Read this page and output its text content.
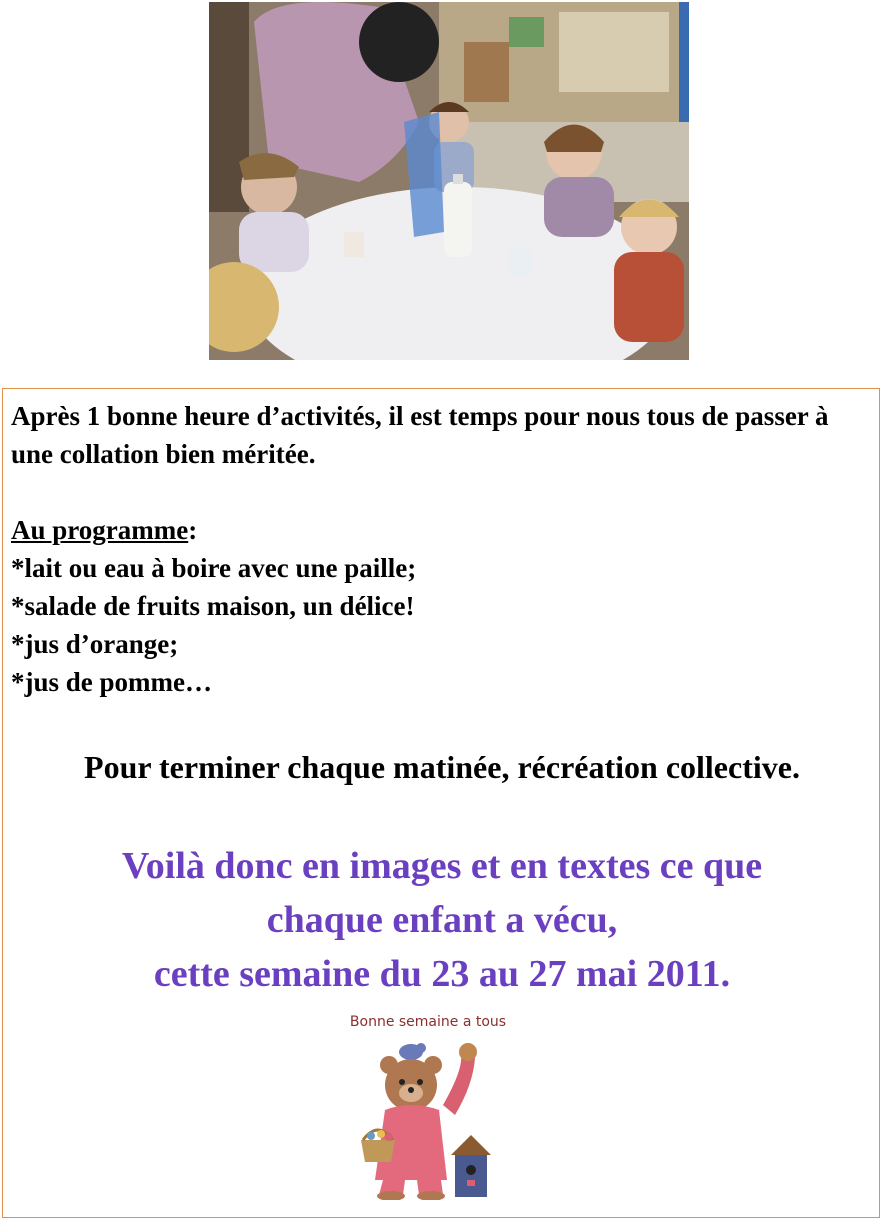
Après 1 bonne heure d’activités, il est temps pour nous tous de passer à une collation bien méritée.
Au programme:
*lait ou eau à boire avec une paille;
*salade de fruits maison, un délice!
*jus d’orange;
*jus de pomme…
Pour terminer chaque matinée, récréation collective.
Voilà donc en images et en textes ce que
chaque enfant a vécu,
cette semaine du 23 au 27 mai 2011.
Bonne semaine a tous
